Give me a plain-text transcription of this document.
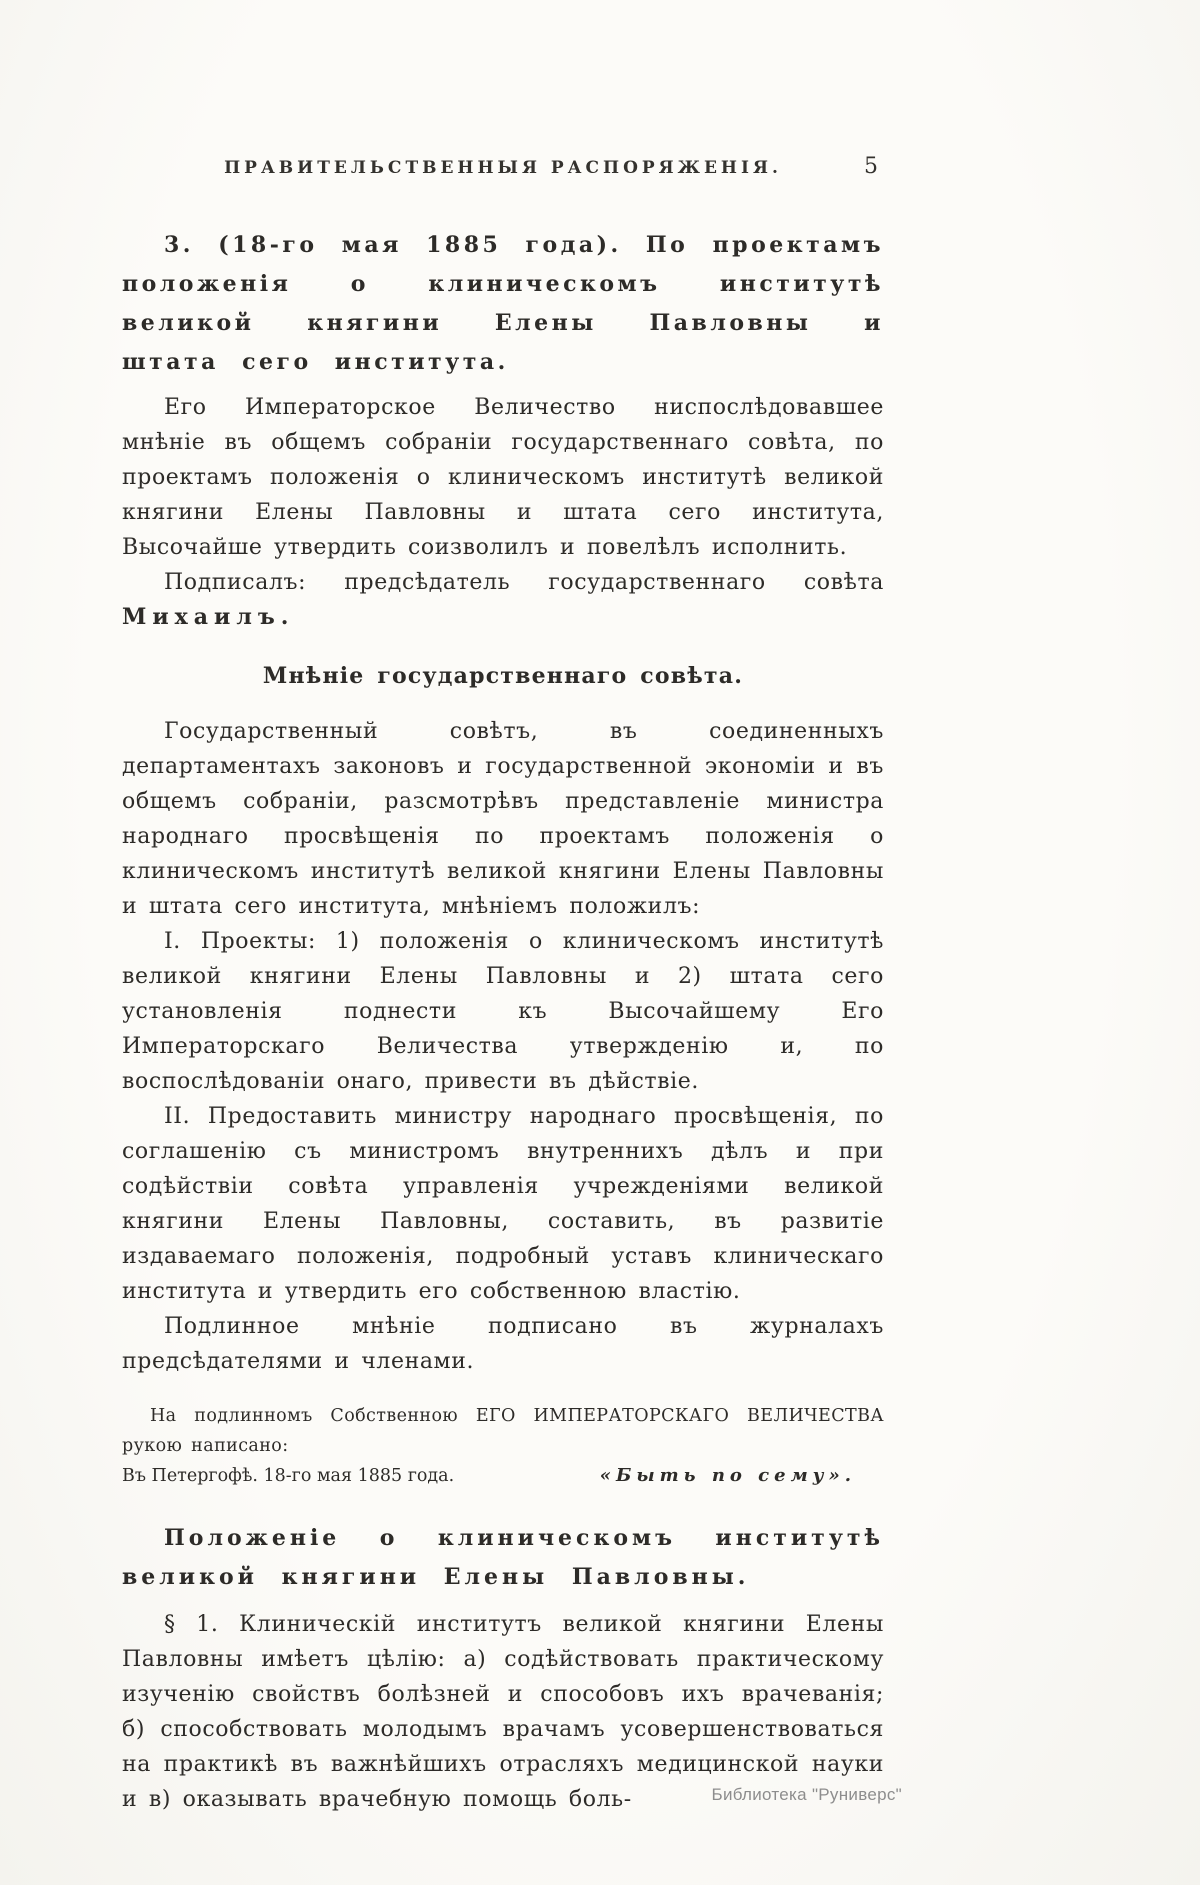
ПРАВИТЕЛЬСТВЕННЫЯ РАСПОРЯЖЕНІЯ.	5

3. (18-го мая 1885 года). По проектамъ положенія о клиническомъ институтѣ великой княгини Елены Павловны и штата сего института.

Его Императорское Величество ниспослѣдовавшее мнѣніе въ общемъ собраніи государственнаго совѣта, по проектамъ положенія о клиническомъ институтѣ великой княгини Елены Павловны и штата сего института, Высочайше утвердить соизволилъ и повелѣлъ исполнить.

Подписалъ: предсѣдатель государственнаго совѣта Михаилъ.

Мнѣніе государственнаго совѣта.

Государственный совѣтъ, въ соединенныхъ департаментахъ законовъ и государственной экономіи и въ общемъ собраніи, разсмотрѣвъ представленіе министра народнаго просвѣщенія по проектамъ положенія о клиническомъ институтѣ великой княгини Елены Павловны и штата сего института, мнѣніемъ положилъ:

I. Проекты: 1) положенія о клиническомъ институтѣ великой княгини Елены Павловны и 2) штата сего установленія поднести къ Высочайшему Его Императорскаго Величества утвержденію и, по воспослѣдованіи онаго, привести въ дѣйствіе.

II. Предоставить министру народнаго просвѣщенія, по соглашенію съ министромъ внутреннихъ дѣлъ и при содѣйствіи совѣта управленія учрежденіями великой княгини Елены Павловны, составить, въ развитіе издаваемаго положенія, подробный уставъ клиническаго института и утвердить его собственною властію.

Подлинное мнѣніе подписано въ журналахъ предсѣдателями и членами.

На подлинномъ Собственною ЕГО ИМПЕРАТОРСКАГО ВЕЛИЧЕСТВА рукою написано:
Въ Петергофѣ. 18-го мая 1885 года.	«Быть по сему».

Положеніе о клиническомъ институтѣ великой княгини Елены Павловны.

§ 1. Клиническій институтъ великой княгини Елены Павловны имѣетъ цѣлію: а) содѣйствовать практическому изученію свойствъ болѣзней и способовъ ихъ врачеванія; б) способствовать молодымъ врачамъ усовершенствоваться на практикѣ въ важнѣйшихъ отрасляхъ медицинской науки и в) оказывать врачебную помощь боль-	Библиотека "Руниверс"
